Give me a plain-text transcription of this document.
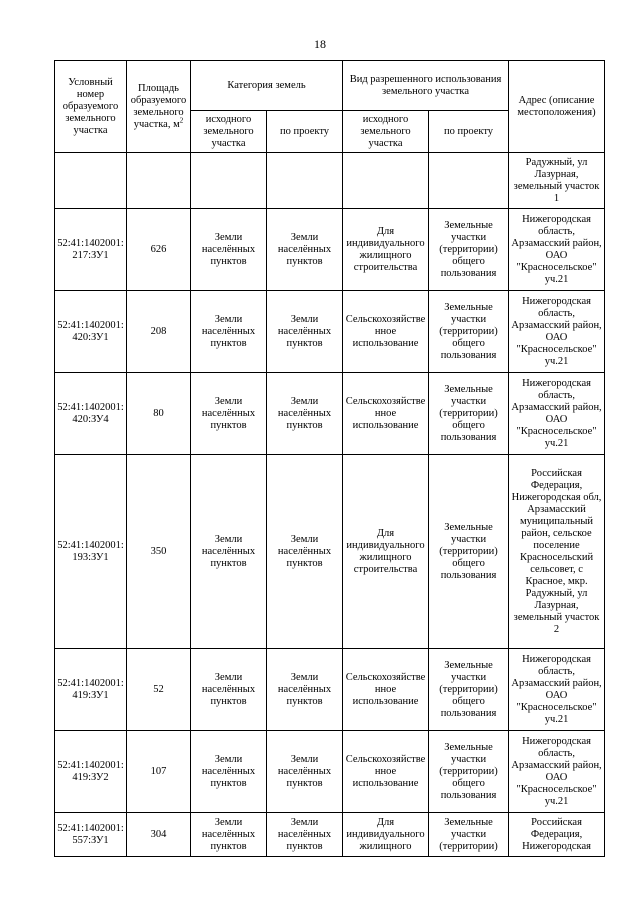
18
Условный номер образуемого земельного участка	Площадь образуемого земельного участка, $м^2$	Категория земель		Вид разрешенного использования земельного участка		Адрес (описание местоположения)
		исходного земельного участка	по проекту	исходного земельного участка	по проекту	
						Радужный, ул Лазурная, земельный участок 1
52:41:1402001:217:ЗУ1	626	Земли населённых пунктов	Земли населённых пунктов	Для индивидуального жилищного строительства	Земельные участки (территории) общего пользования	Нижегородская область, Арзамасский район, ОАО "Красносельское" уч.21
52:41:1402001:420:ЗУ1	208	Земли населённых пунктов	Земли населённых пунктов	Сельскохозяйственное использование	Земельные участки (территории) общего пользования	Нижегородская область, Арзамасский район, ОАО "Красносельское" уч.21
52:41:1402001:420:ЗУ4	80	Земли населённых пунктов	Земли населённых пунктов	Сельскохозяйственное использование	Земельные участки (территории) общего пользования	Нижегородская область, Арзамасский район, ОАО "Красносельское" уч.21
52:41:1402001:193:ЗУ1	350	Земли населённых пунктов	Земли населённых пунктов	Для индивидуального жилищного строительства	Земельные участки (территории) общего пользования	Российская Федерация, Нижегородская обл, Арзамасский муниципальный район, сельское поселение Красносельский сельсовет, с Красное, мкр. Радужный, ул Лазурная, земельный участок 2
52:41:1402001:419:ЗУ1	52	Земли населённых пунктов	Земли населённых пунктов	Сельскохозяйственное использование	Земельные участки (территории) общего пользования	Нижегородская область, Арзамасский район, ОАО "Красносельское" уч.21
52:41:1402001:419:ЗУ2	107	Земли населённых пунктов	Земли населённых пунктов	Сельскохозяйственное использование	Земельные участки (территории) общего пользования	Нижегородская область, Арзамасский район, ОАО "Красносельское" уч.21
52:41:1402001:557:ЗУ1	304	Земли населённых пунктов	Земли населённых пунктов	Для индивидуального жилищного	Земельные участки (территории)	Российская Федерация, Нижегородская
